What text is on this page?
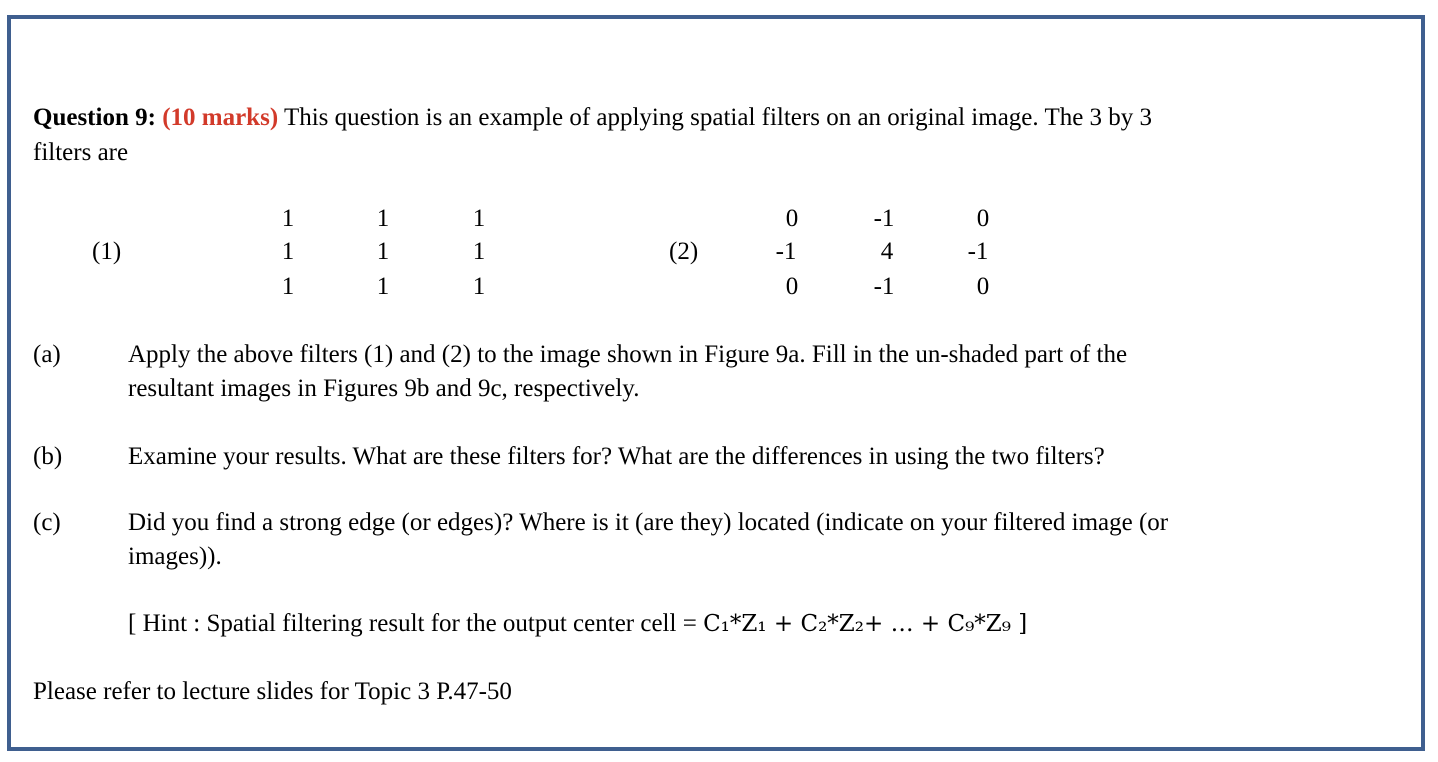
Question 9: (10 marks) This question is an example of applying spatial filters on an original image. The 3 by 3
filters are
(1)
1	1	1
1	1	1
1	1	1
(2)
0	-1	0
-1	4	-1
0	-1	0
(a)	Apply the above filters (1) and (2) to the image shown in Figure 9a. Fill in the un-shaded part of the
resultant images in Figures 9b and 9c, respectively.
(b)	Examine your results. What are these filters for? What are the differences in using the two filters?
(c)	Did you find a strong edge (or edges)? Where is it (are they) located (indicate on your filtered image (or
images)).
[ Hint : Spatial filtering result for the output center cell = C₁*Z₁ + C₂*Z₂+ … + C₉*Z₉ ]
Please refer to lecture slides for Topic 3 P.47-50
